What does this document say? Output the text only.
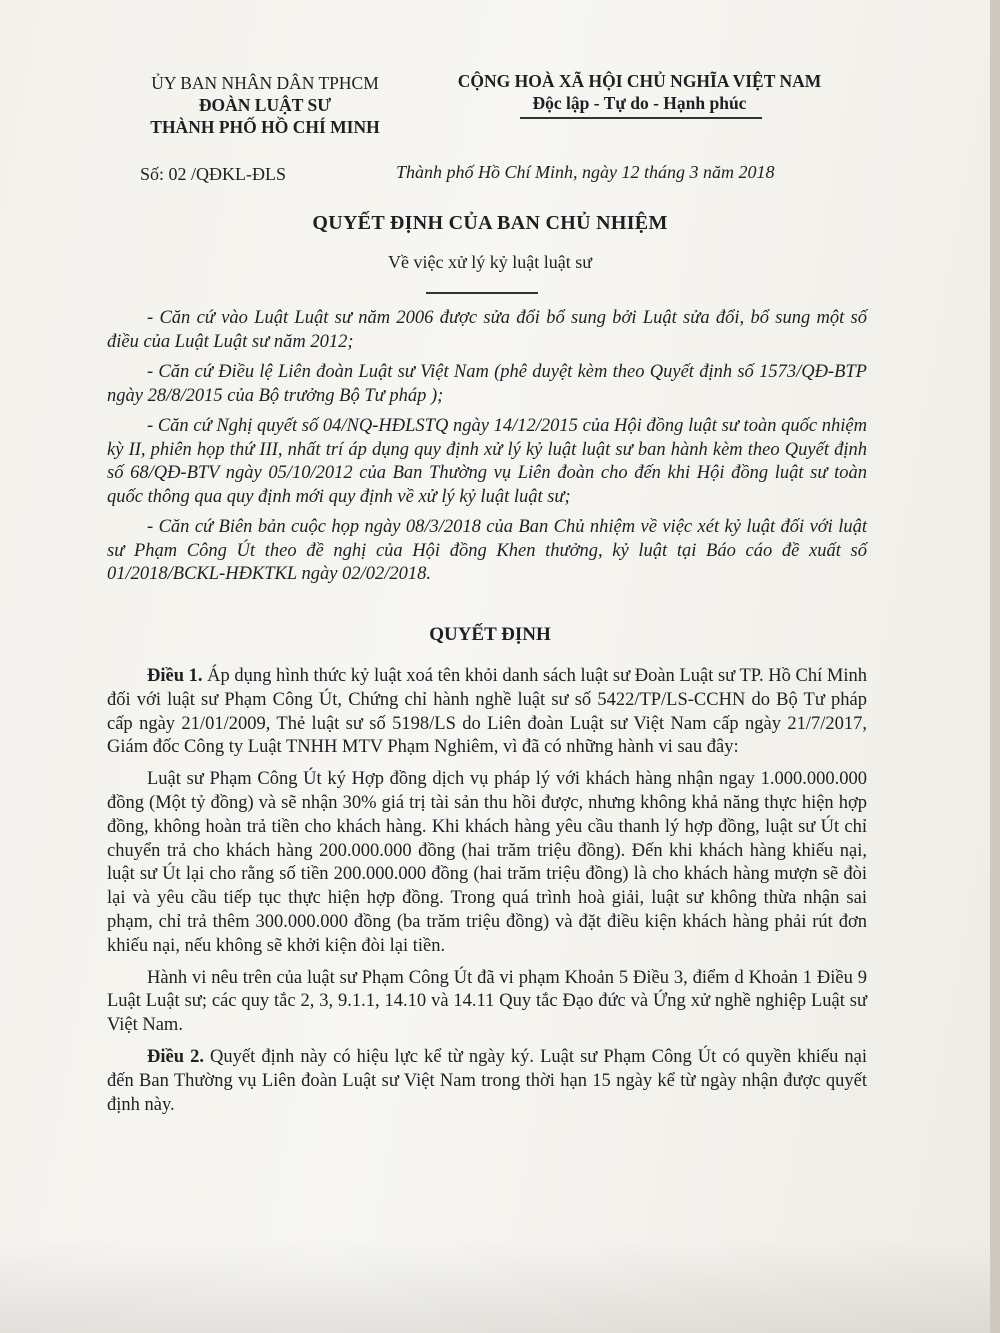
ỦY BAN NHÂN DÂN TPHCM
ĐOÀN LUẬT SƯ
THÀNH PHỐ HỒ CHÍ MINH
CỘNG HOÀ XÃ HỘI CHỦ NGHĨA VIỆT NAM
Độc lập - Tự do - Hạnh phúc
Số: 02 /QĐKL-ĐLS	Thành phố Hồ Chí Minh, ngày 12 tháng 3 năm 2018
QUYẾT ĐỊNH CỦA BAN CHỦ NHIỆM
Về việc xử lý kỷ luật luật sư

- Căn cứ vào Luật Luật sư năm 2006 được sửa đổi bổ sung bởi Luật sửa đổi, bổ sung một số điều của Luật Luật sư năm 2012;

- Căn cứ Điều lệ Liên đoàn Luật sư Việt Nam (phê duyệt kèm theo Quyết định số 1573/QĐ-BTP ngày 28/8/2015 của Bộ trưởng Bộ Tư pháp );

- Căn cứ Nghị quyết số 04/NQ-HĐLSTQ ngày 14/12/2015 của Hội đồng luật sư toàn quốc nhiệm kỳ II, phiên họp thứ III, nhất trí áp dụng quy định xử lý kỷ luật luật sư ban hành kèm theo Quyết định số 68/QĐ-BTV ngày 05/10/2012 của Ban Thường vụ Liên đoàn cho đến khi Hội đồng luật sư toàn quốc thông qua quy định mới quy định về xử lý kỷ luật luật sư;

- Căn cứ Biên bản cuộc họp ngày 08/3/2018 của Ban Chủ nhiệm về việc xét kỷ luật đối với luật sư Phạm Công Út theo đề nghị của Hội đồng Khen thưởng, kỷ luật tại Báo cáo đề xuất số 01/2018/BCKL-HĐKTKL ngày 02/02/2018.

QUYẾT ĐỊNH

Điều 1. Áp dụng hình thức kỷ luật xoá tên khỏi danh sách luật sư Đoàn Luật sư TP. Hồ Chí Minh đối với luật sư Phạm Công Út, Chứng chỉ hành nghề luật sư số 5422/TP/LS-CCHN do Bộ Tư pháp cấp ngày 21/01/2009, Thẻ luật sư số 5198/LS do Liên đoàn Luật sư Việt Nam cấp ngày 21/7/2017, Giám đốc Công ty Luật TNHH MTV Phạm Nghiêm, vì đã có những hành vi sau đây:

Luật sư Phạm Công Út ký Hợp đồng dịch vụ pháp lý với khách hàng nhận ngay 1.000.000.000 đồng (Một tỷ đồng) và sẽ nhận 30% giá trị tài sản thu hồi được, nhưng không khả năng thực hiện hợp đồng, không hoàn trả tiền cho khách hàng. Khi khách hàng yêu cầu thanh lý hợp đồng, luật sư Út chỉ chuyển trả cho khách hàng 200.000.000 đồng (hai trăm triệu đồng). Đến khi khách hàng khiếu nại, luật sư Út lại cho rằng số tiền 200.000.000 đồng (hai trăm triệu đồng) là cho khách hàng mượn sẽ đòi lại và yêu cầu tiếp tục thực hiện hợp đồng. Trong quá trình hoà giải, luật sư không thừa nhận sai phạm, chỉ trả thêm 300.000.000 đồng (ba trăm triệu đồng) và đặt điều kiện khách hàng phải rút đơn khiếu nại, nếu không sẽ khởi kiện đòi lại tiền.

Hành vi nêu trên của luật sư Phạm Công Út đã vi phạm Khoản 5 Điều 3, điểm d Khoản 1 Điều 9 Luật Luật sư; các quy tắc 2, 3, 9.1.1, 14.10 và 14.11 Quy tắc Đạo đức và Ứng xử nghề nghiệp Luật sư Việt Nam.

Điều 2. Quyết định này có hiệu lực kể từ ngày ký. Luật sư Phạm Công Út có quyền khiếu nại đến Ban Thường vụ Liên đoàn Luật sư Việt Nam trong thời hạn 15 ngày kể từ ngày nhận được quyết định này.
